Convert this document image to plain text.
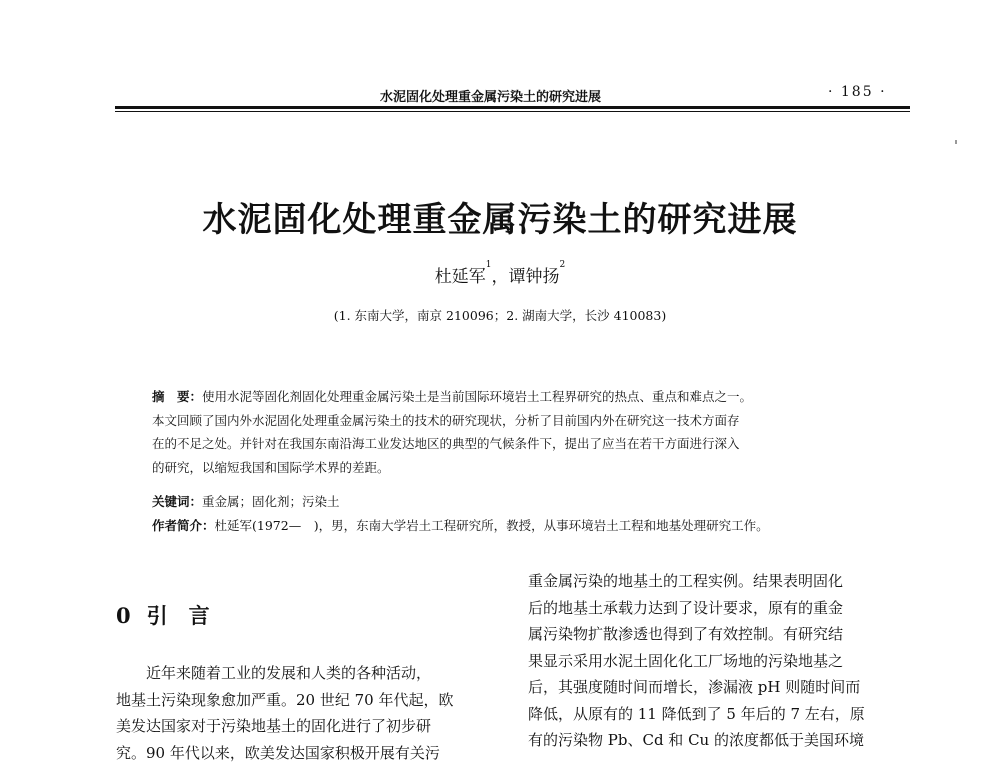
水泥固化处理重金属污染土的研究进展	· 185 ·
水泥固化处理重金属污染土的研究进展
杜延军$^1$，谭钟扬$^2$
(1. 东南大学，南京 210096；2. 湖南大学，长沙 410083)
摘　要：使用水泥等固化剂固化处理重金属污染土是当前国际环境岩土工程界研究的热点、重点和难点之一。
本文回顾了国内外水泥固化处理重金属污染土的技术的研究现状，分析了目前国内外在研究这一技术方面存
在的不足之处。并针对在我国东南沿海工业发达地区的典型的气候条件下，提出了应当在若干方面进行深入
的研究，以缩短我国和国际学术界的差距。
关键词：重金属；固化剂；污染土
作者简介：杜延军(1972—　)，男，东南大学岩土工程研究所，教授，从事环境岩土工程和地基处理研究工作。
0 引　言
近年来随着工业的发展和人类的各种活动，
地基土污染现象愈加严重。20 世纪 70 年代起，欧
美发达国家对于污染地基土的固化进行了初步研
究。90 年代以来，欧美发达国家积极开展有关污
重金属污染的地基土的工程实例。结果表明固化
后的地基土承载力达到了设计要求，原有的重金
属污染物扩散渗透也得到了有效控制。有研究结
果显示采用水泥土固化化工厂场地的污染地基之
后，其强度随时间而增长，渗漏液 pH 则随时间而
降低，从原有的 11 降低到了 5 年后的 7 左右，原
有的污染物 Pb、Cd 和 Cu 的浓度都低于美国环境
